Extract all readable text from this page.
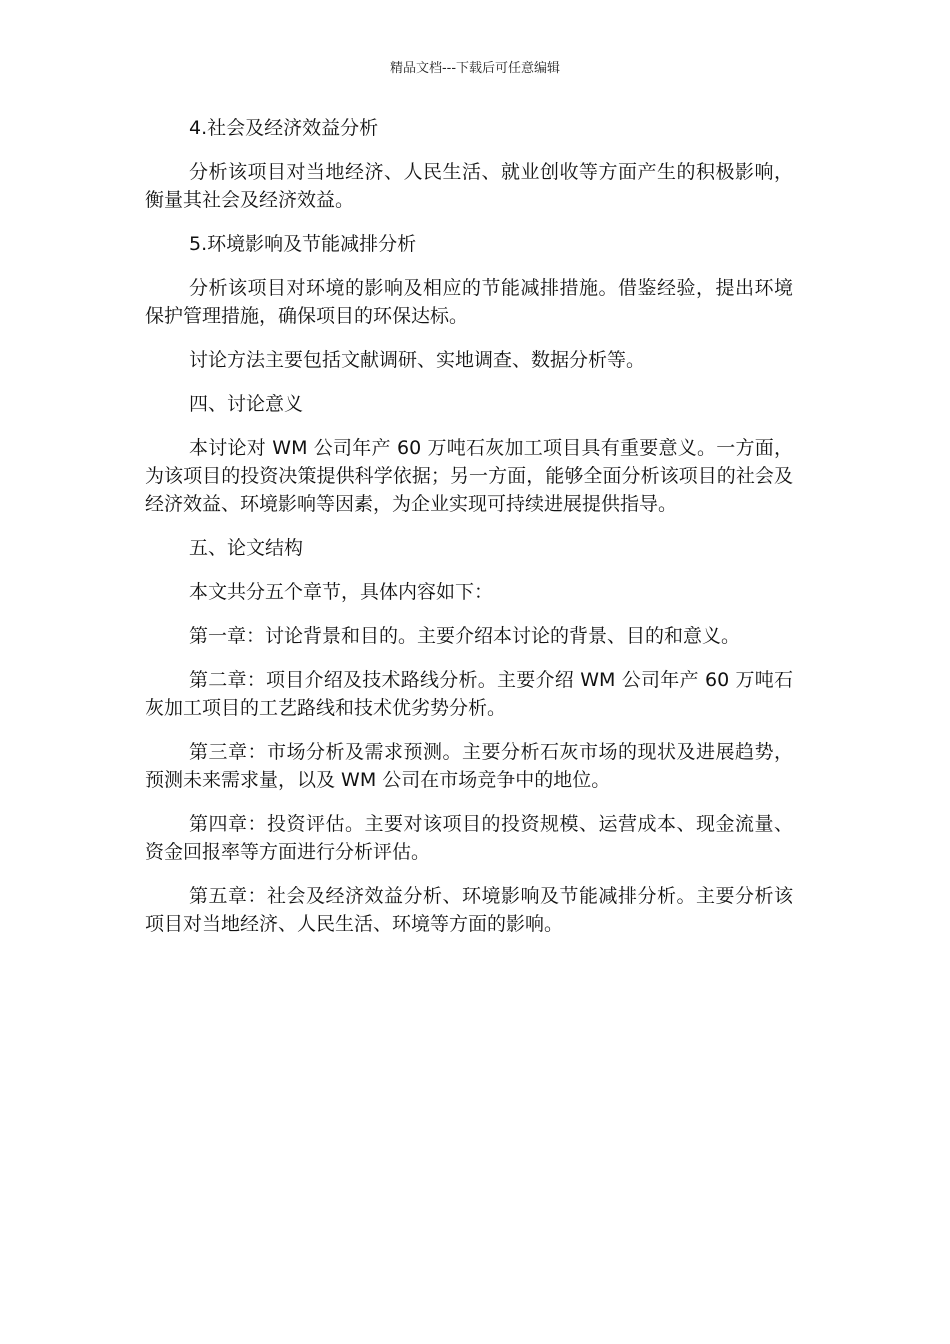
精品文档---下载后可任意编辑

4.社会及经济效益分析

分析该项目对当地经济、人民生活、就业创收等方面产生的积极影响，衡量其社会及经济效益。

5.环境影响及节能减排分析

分析该项目对环境的影响及相应的节能减排措施。借鉴经验，提出环境保护管理措施，确保项目的环保达标。

讨论方法主要包括文献调研、实地调查、数据分析等。

四、讨论意义

本讨论对 WM 公司年产 60 万吨石灰加工项目具有重要意义。一方面，为该项目的投资决策提供科学依据；另一方面，能够全面分析该项目的社会及经济效益、环境影响等因素，为企业实现可持续进展提供指导。

五、论文结构

本文共分五个章节，具体内容如下：

第一章：讨论背景和目的。主要介绍本讨论的背景、目的和意义。

第二章：项目介绍及技术路线分析。主要介绍 WM 公司年产 60 万吨石灰加工项目的工艺路线和技术优劣势分析。

第三章：市场分析及需求预测。主要分析石灰市场的现状及进展趋势，预测未来需求量，以及 WM 公司在市场竞争中的地位。

第四章：投资评估。主要对该项目的投资规模、运营成本、现金流量、资金回报率等方面进行分析评估。

第五章：社会及经济效益分析、环境影响及节能减排分析。主要分析该项目对当地经济、人民生活、环境等方面的影响。
